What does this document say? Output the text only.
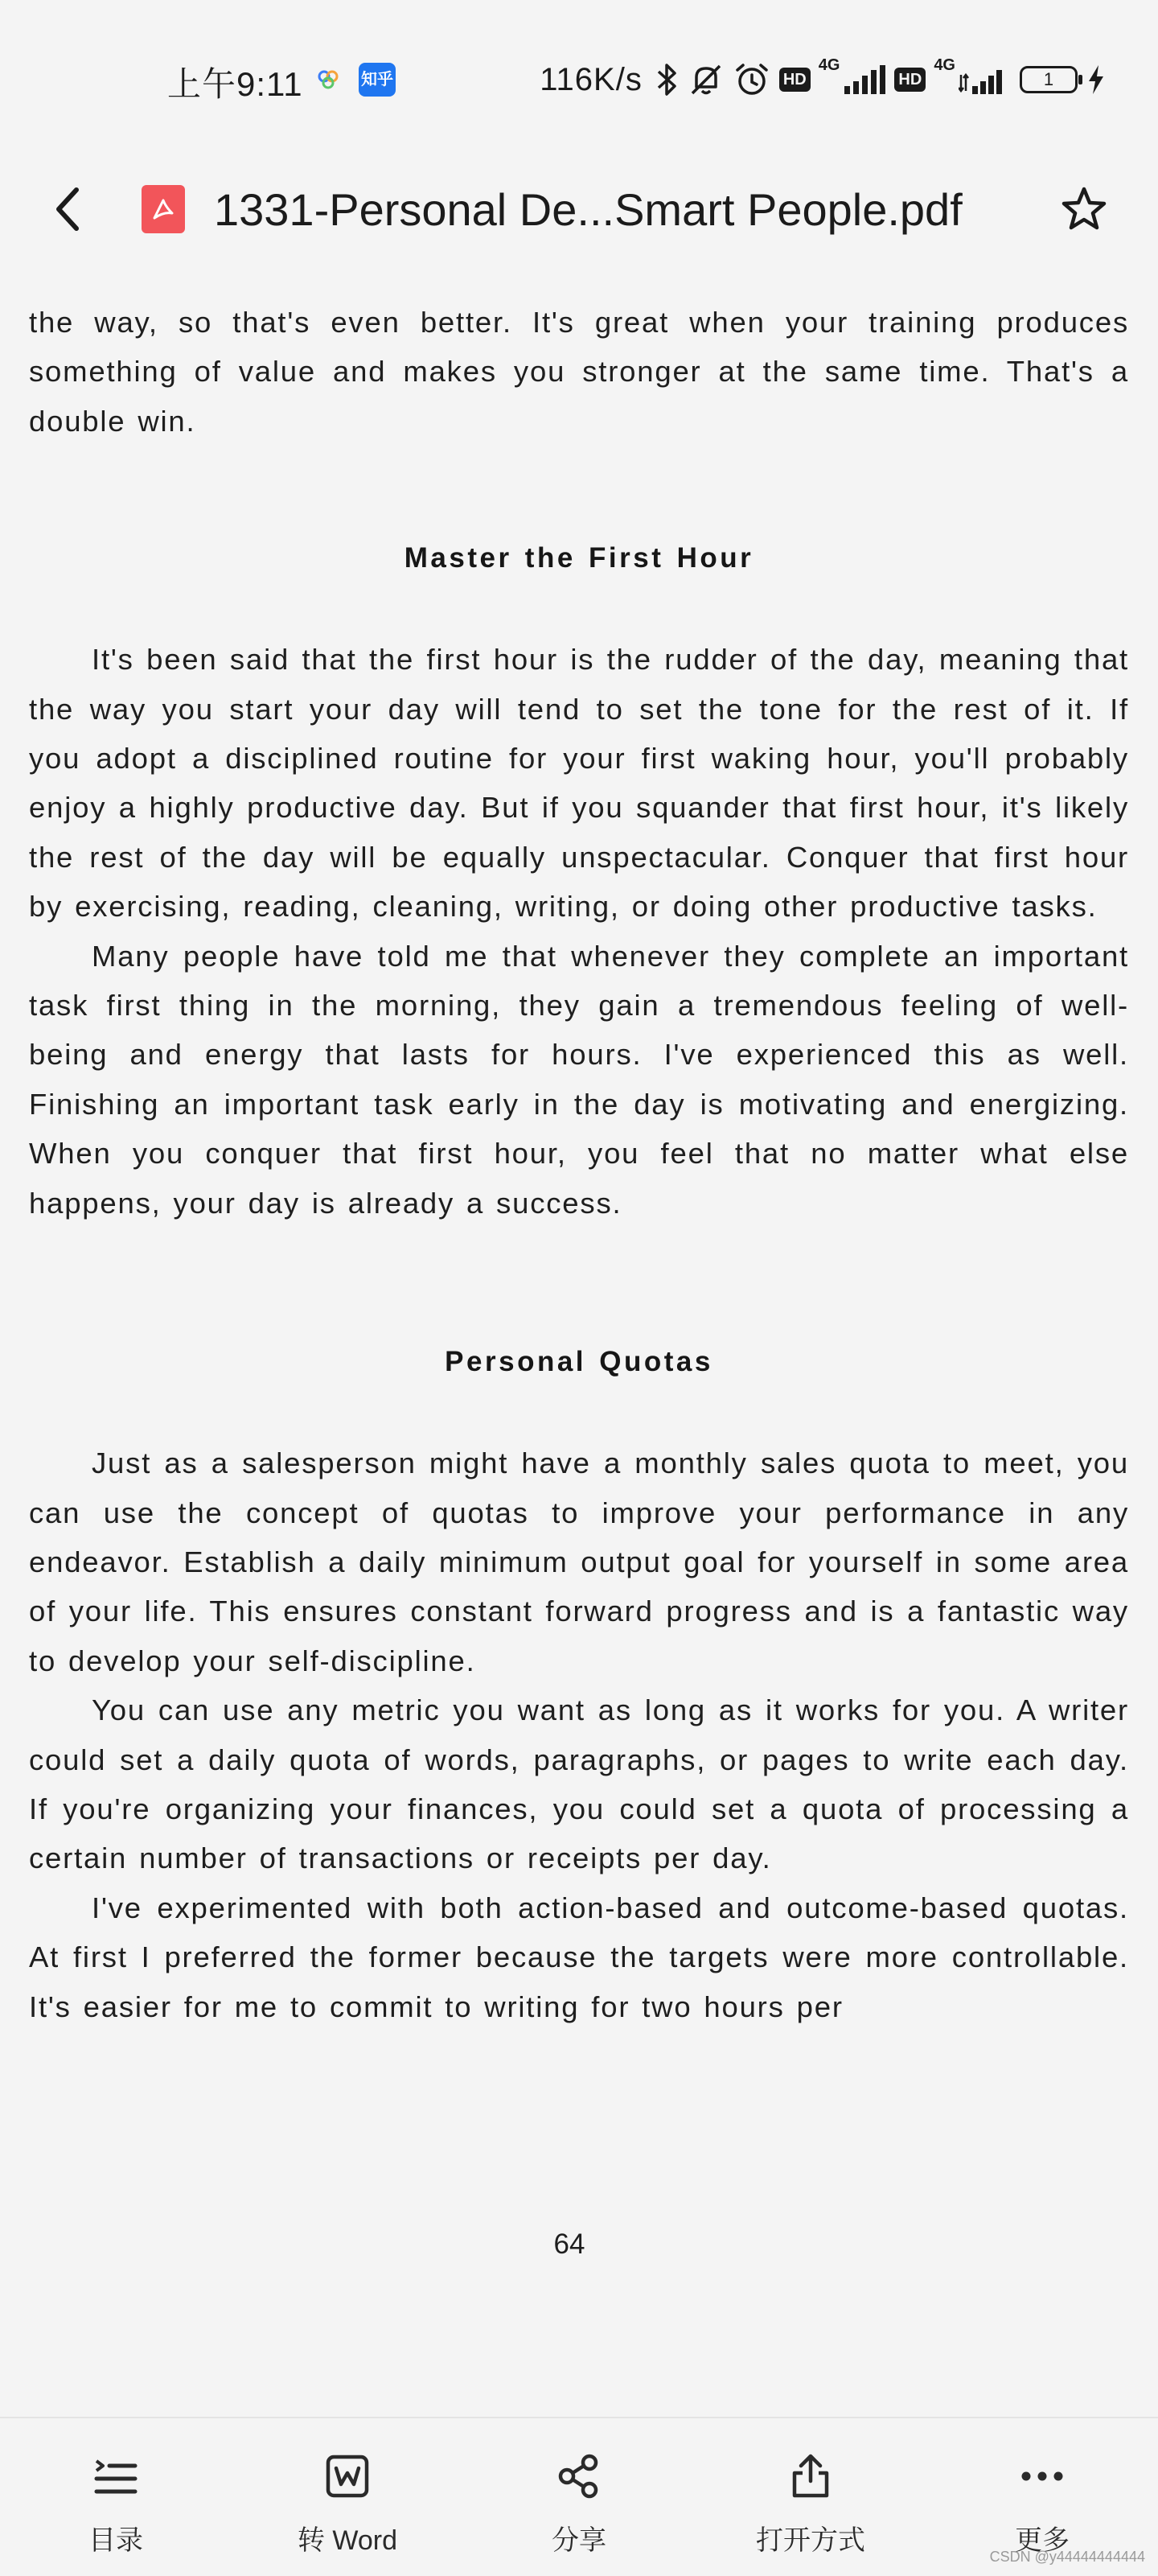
上午9:11	知乎	116K/s	HD
4G
HD
4G
1
1331-Personal De...Smart People.pdf

the way, so that's even better. It's great when your training produces something of value and makes you stronger at the same time. That's a double win.

Master the First Hour

It's been said that the first hour is the rudder of the day, meaning that the way you start your day will tend to set the tone for the rest of it. If you adopt a disciplined routine for your first waking hour, you'll probably enjoy a highly productive day. But if you squander that first hour, it's likely the rest of the day will be equally unspectacular. Conquer that first hour by exercising, reading, cleaning, writing, or doing other productive tasks.

Many people have told me that whenever they complete an important task first thing in the morning, they gain a tremendous feeling of well-being and energy that lasts for hours. I've experienced this as well. Finishing an important task early in the day is motivating and energizing. When you conquer that first hour, you feel that no matter what else happens, your day is already a success.

Personal Quotas

Just as a salesperson might have a monthly sales quota to meet, you can use the concept of quotas to improve your performance in any endeavor. Establish a daily minimum output goal for yourself in some area of your life. This ensures constant forward progress and is a fantastic way to develop your self-discipline.

You can use any metric you want as long as it works for you. A writer could set a daily quota of words, paragraphs, or pages to write each day. If you're organizing your finances, you could set a quota of processing a certain number of transactions or receipts per day.

I've experimented with both action-based and outcome-based quotas. At first I preferred the former because the targets were more controllable. It's easier for me to commit to writing for two hours per

64
目录	转 Word	分享	打开方式	更多
CSDN @y44444444444
